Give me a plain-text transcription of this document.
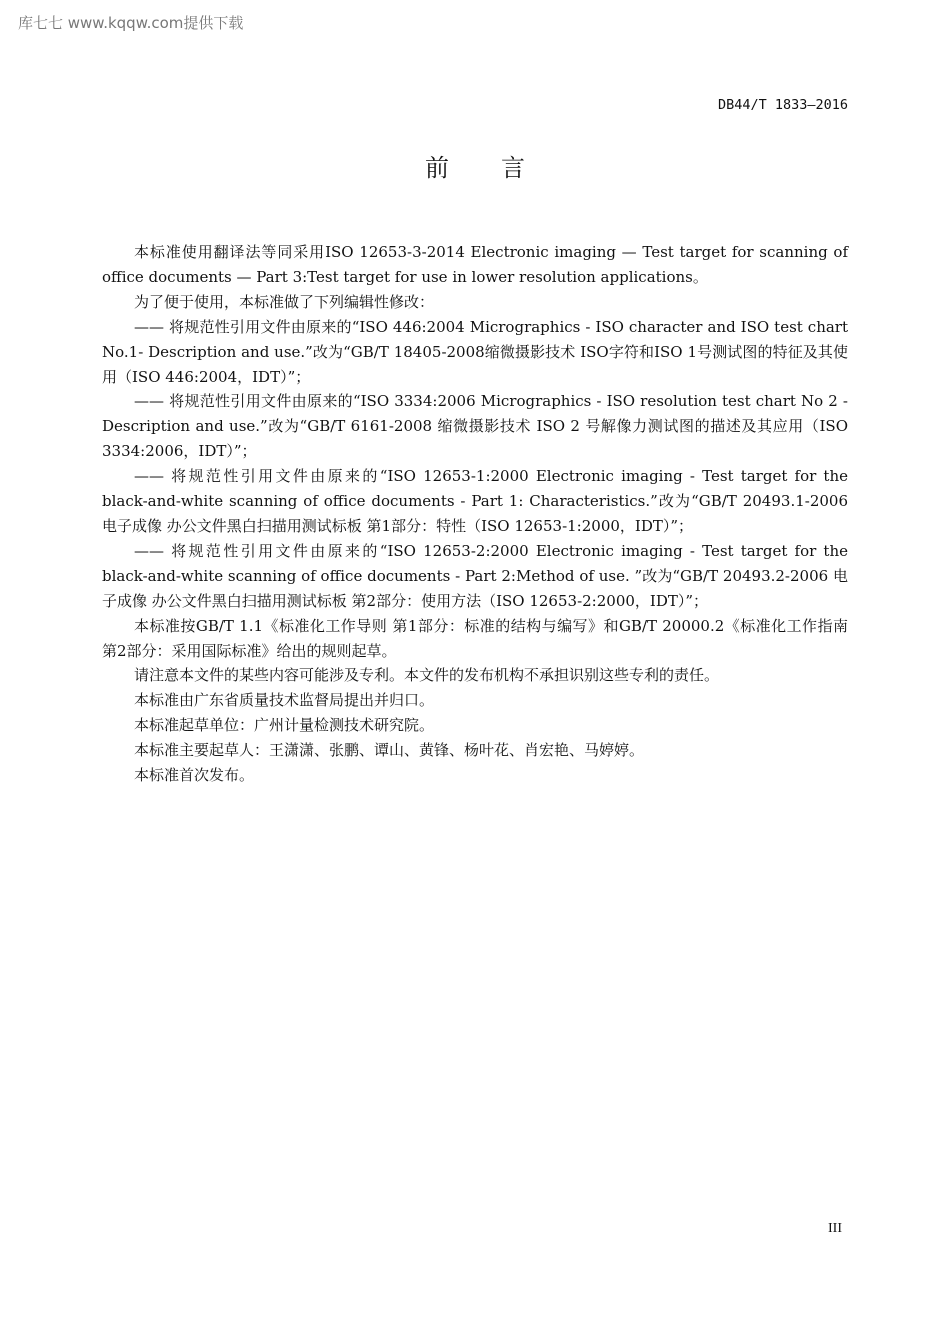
库七七 www.kqqw.com提供下载
DB44/T 1833—2016
前言

本标准使用翻译法等同采用ISO 12653-3-2014 Electronic imaging — Test target for scanning of office documents — Part 3:Test target for use in lower resolution applications。

为了便于使用，本标准做了下列编辑性修改：

—— 将规范性引用文件由原来的“ISO 446:2004 Micrographics - ISO character and ISO test chart No.1- Description and use.”改为“GB/T 18405-2008缩微摄影技术 ISO字符和ISO 1号测试图的特征及其使用（ISO 446:2004，IDT）”；

—— 将规范性引用文件由原来的“ISO 3334:2006 Micrographics - ISO resolution test chart No 2 - Description and use.”改为“GB/T 6161-2008 缩微摄影技术 ISO 2 号解像力测试图的描述及其应用（ISO 3334:2006，IDT）”；

—— 将规范性引用文件由原来的“ISO 12653-1:2000 Electronic imaging - Test target for the black-and-white scanning of office documents - Part 1: Characteristics.”改为“GB/T 20493.1-2006 电子成像 办公文件黑白扫描用测试标板 第1部分：特性（ISO 12653-1:2000，IDT）”；

—— 将规范性引用文件由原来的“ISO 12653-2:2000 Electronic imaging - Test target for the black-and-white scanning of office documents - Part 2:Method of use. ”改为“GB/T 20493.2-2006 电子成像 办公文件黑白扫描用测试标板 第2部分：使用方法（ISO 12653-2:2000，IDT）”；

本标准按GB/T 1.1《标准化工作导则 第1部分：标准的结构与编写》和GB/T 20000.2《标准化工作指南 第2部分：采用国际标准》给出的规则起草。

请注意本文件的某些内容可能涉及专利。本文件的发布机构不承担识别这些专利的责任。

本标准由广东省质量技术监督局提出并归口。

本标准起草单位：广州计量检测技术研究院。

本标准主要起草人：王潇潇、张鹏、谭山、黄锋、杨叶花、肖宏艳、马婷婷。

本标准首次发布。

III
